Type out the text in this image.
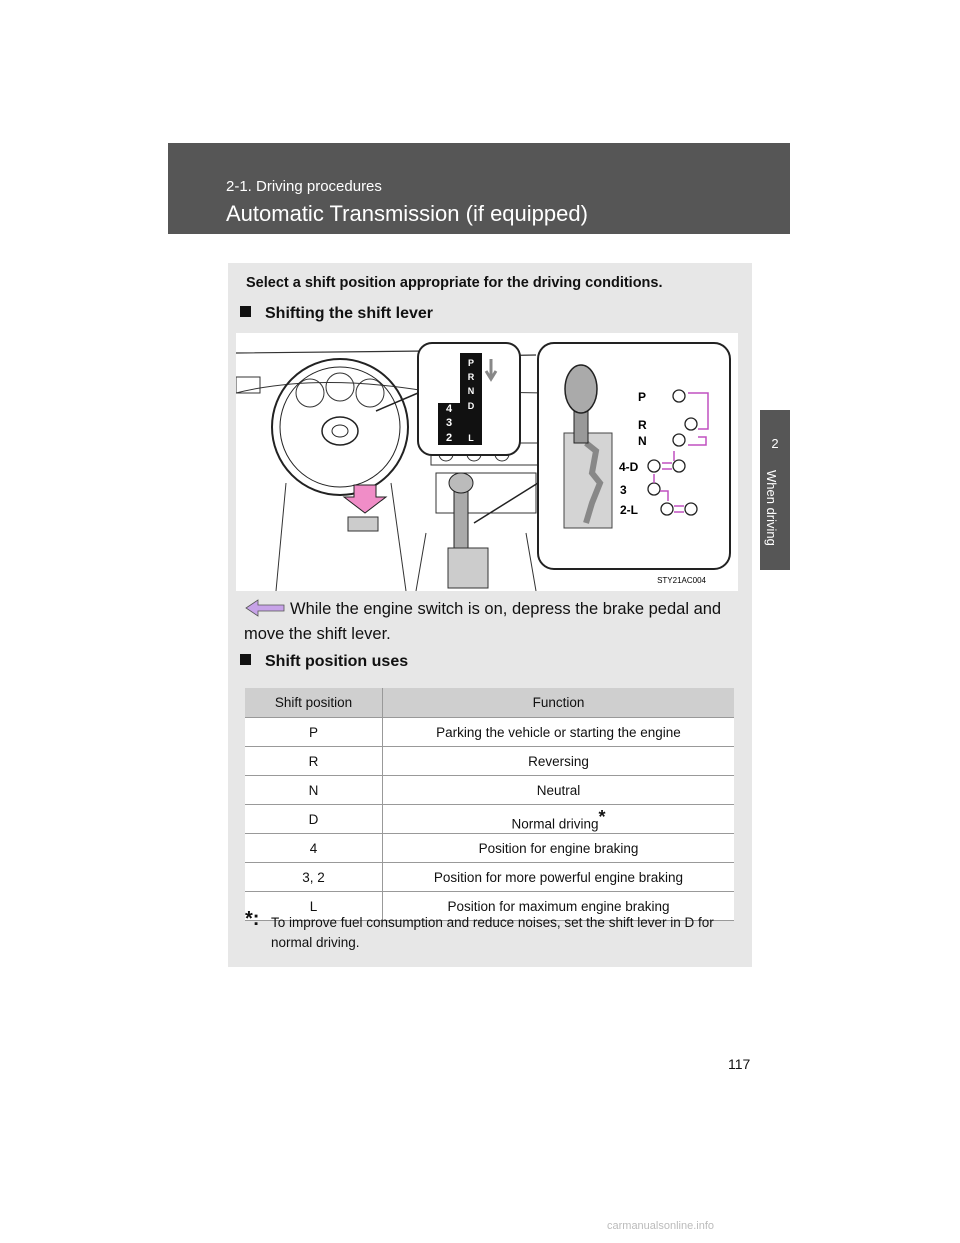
2-1. Driving procedures
Automatic Transmission (if equipped)
2
When driving
Select a shift position appropriate for the driving conditions.
Shifting the shift lever
P
R
N
D
4
3
2 L
P
R
N
4-D
3
2-L
STY21AC004
While the engine switch is on, depress the brake pedal and move the shift lever.
Shift position uses
Shift position	Function
P	Parking the vehicle or starting the engine
R	Reversing
N	Neutral
D	Normal driving*
4	Position for engine braking
3, 2	Position for more powerful engine braking
L	Position for maximum engine braking
*: To improve fuel consumption and reduce noises, set the shift lever in D for normal driving.
117
carmanualsonline.info
